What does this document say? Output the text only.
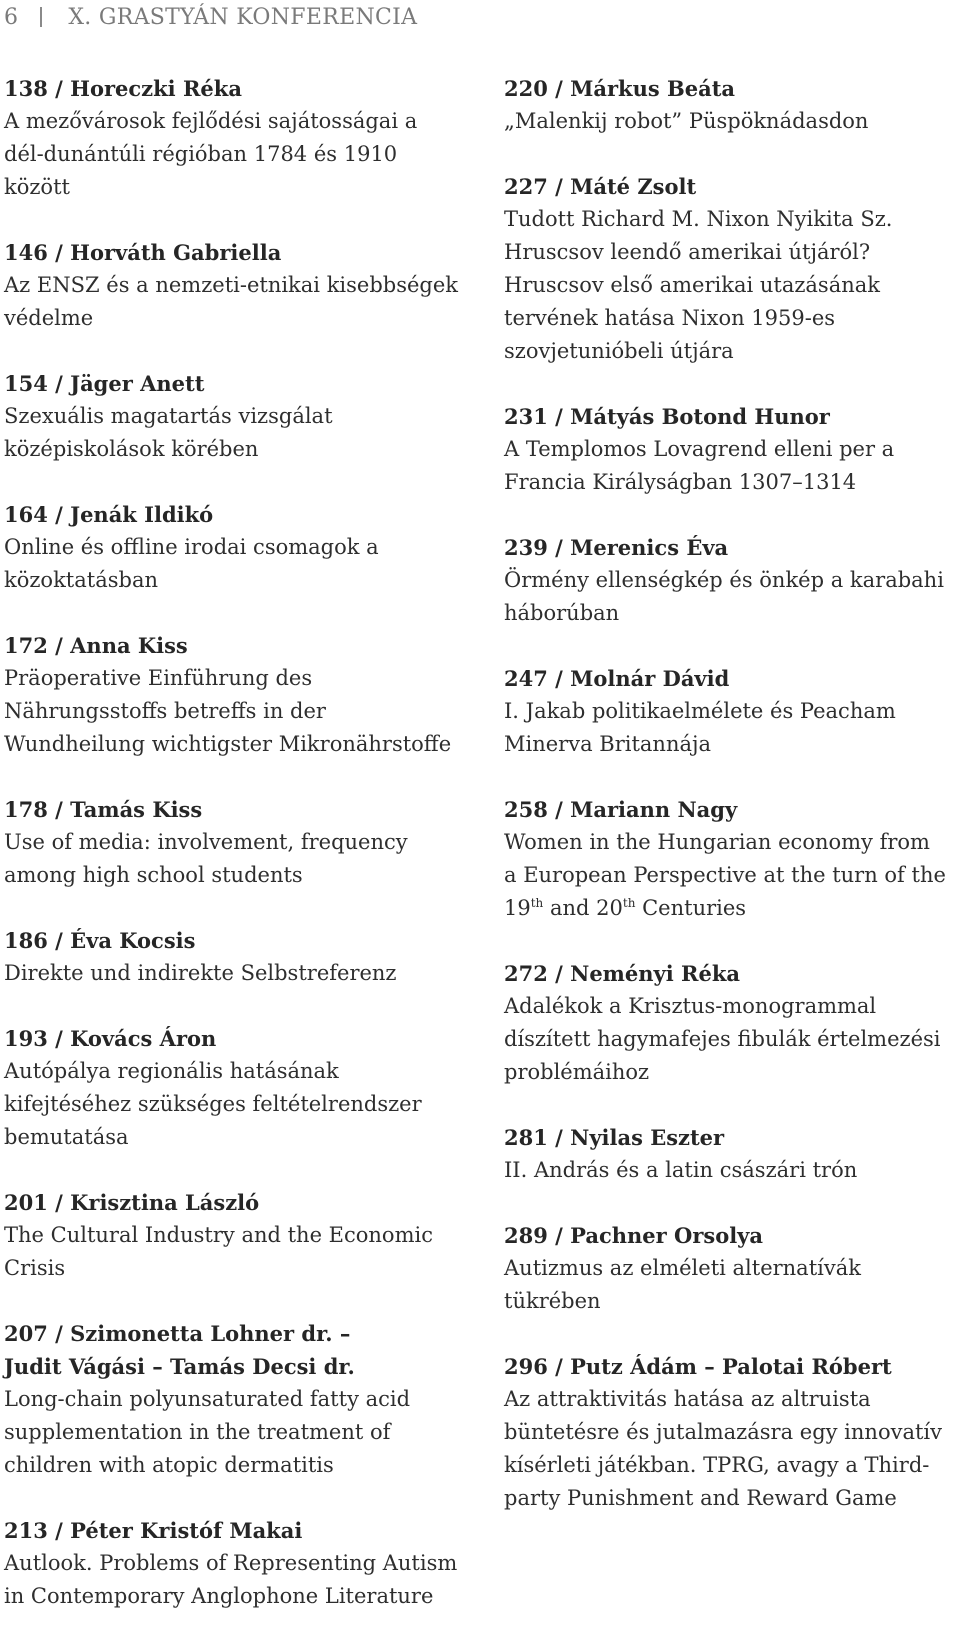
6 X. GRASTYÁN KONFERENCIA
138 / Horeczki Réka
A mezővárosok fejlődési sajátosságai a
dél-dunántúli régióban 1784 és 1910 között
146 / Horváth Gabriella
Az ENSZ és a nemzeti-etnikai kisebbségek
védelme
154 / Jäger Anett
Szexuális magatartás vizsgálat
középiskolások körében
164 / Jenák Ildikó
Online és offline irodai csomagok a
közoktatásban
172 / Anna Kiss
Präoperative Einführung des
Nährungsstoffs betreffs in der
Wundheilung wichtigster Mikronährstoffe
178 / Tamás Kiss
Use of media: involvement, frequency
among high school students
186 / Éva Kocsis
Direkte und indirekte Selbstreferenz
193 / Kovács Áron
Autópálya regionális hatásának
kifejtéséhez szükséges feltételrendszer
bemutatása
201 / Krisztina László
The Cultural Industry and the Economic
Crisis
207 / Szimonetta Lohner dr. –
Judit Vágási – Tamás Decsi dr.
Long-chain polyunsaturated fatty acid
supplementation in the treatment of
children with atopic dermatitis
213 / Péter Kristóf Makai
Autlook. Problems of Representing Autism
in Contemporary Anglophone Literature
220 / Márkus Beáta
„Malenkij robot” Püspöknádasdon
227 / Máté Zsolt
Tudott Richard M. Nixon Nyikita Sz.
Hruscsov leendő amerikai útjáról?
Hruscsov első amerikai utazásának
tervének hatása Nixon 1959-es
szovjetunióbeli útjára
231 / Mátyás Botond Hunor
A Templomos Lovagrend elleni per a
Francia Királyságban 1307–1314
239 / Merenics Éva
Örmény ellenségkép és önkép a karabahi
háborúban
247 / Molnár Dávid
I. Jakab politikaelmélete és Peacham
Minerva Britannája
258 / Mariann Nagy
Women in the Hungarian economy from
a European Perspective at the turn of the
19th and 20th Centuries
272 / Neményi Réka
Adalékok a Krisztus-monogrammal
díszített hagymafejes fibulák értelmezési
problémáihoz
281 / Nyilas Eszter
II. András és a latin császári trón
289 / Pachner Orsolya
Autizmus az elméleti alternatívák
tükrében
296 / Putz Ádám – Palotai Róbert
Az attraktivitás hatása az altruista
büntetésre és jutalmazásra egy innovatív
kísérleti játékban. TPRG, avagy a Third-
party Punishment and Reward Game
